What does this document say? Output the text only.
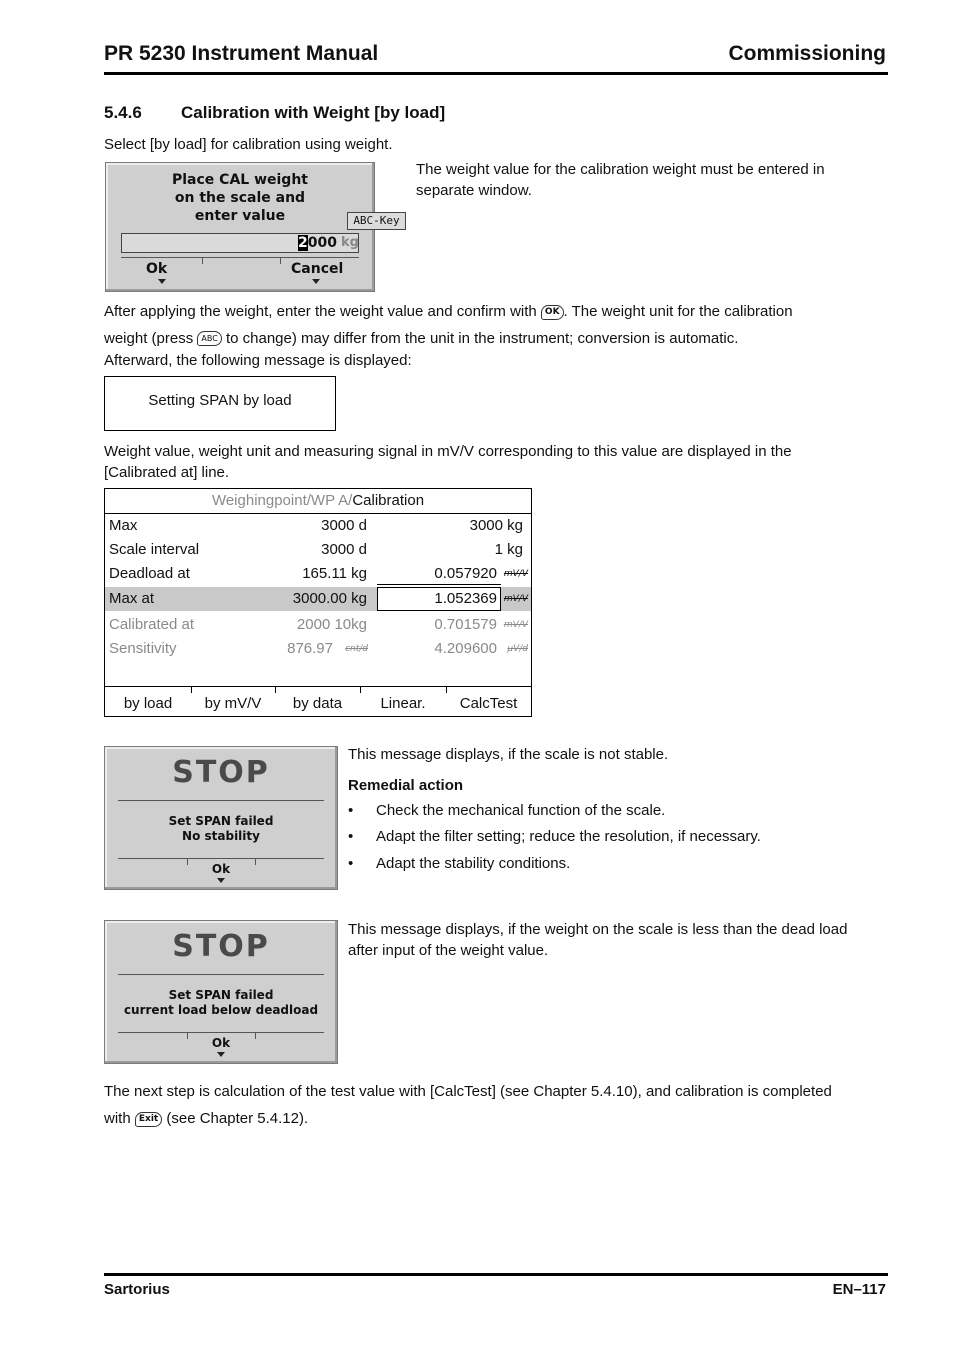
PR 5230 Instrument Manual	Commissioning
5.4.6 Calibration with Weight [by load]

Select [by load] for calibration using weight.

Place CAL weight
on the scale and
enter value
2000 kg
Ok	Cancel
ABC-Key

The weight value for the calibration weight must be entered in separate window.

After applying the weight, enter the weight value and confirm with OK . The weight unit for the calibration
weight (press ABC to change) may differ from the unit in the instrument; conversion is automatic.

Afterward, the following message is displayed:

Setting SPAN by load

Weight value, weight unit and measuring signal in mV/V corresponding to this value are displayed in the [Calibrated at] line.

Weighingpoint/WP A/Calibration
Max	3000 d	3000 kg
Scale interval	3000 d	1 kg
Deadload at	165.11 kg	0.057920 mV/V
Max at	3000.00 kg	1.052369 mV/V
Calibrated at	2000 10kg	0.701579 mV/V
Sensitivity	876.97 cnt/d	4.209600 µV/d
by load	by mV/V	by data	Linear.	CalcTest
STOP
Set SPAN failed
No stability
Ok

This message displays, if the scale is not stable.

Remedial action

Check the mechanical function of the scale.
Adapt the filter setting; reduce the resolution, if necessary.
Adapt the stability conditions.
STOP
Set SPAN failed
current load below deadload
Ok

This message displays, if the weight on the scale is less than the dead load after input of the weight value.

The next step is calculation of the test value with [CalcTest] (see Chapter 5.4.10), and calibration is completed
with Exit (see Chapter 5.4.12).

Sartorius	EN–117
